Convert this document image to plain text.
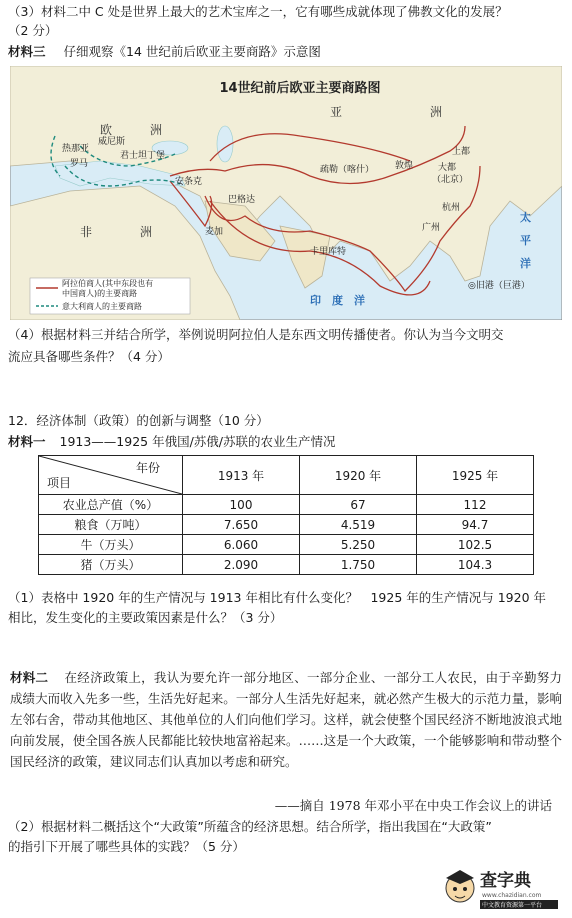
（3）材料二中 C 处是世界上最大的艺术宝库之一，它有哪些成就体现了佛教文化的发展？
（2 分）
材料三 仔细观察《14 世纪前后欧亚主要商路》示意图
14世纪前后欧亚主要商路图
亚	洲
欧	洲
非	洲
印　度　洋
太
平
洋
热那亚
威尼斯
罗马
君士坦丁堡
安条克
巴格达
麦加
疏勒（喀什） 敦煌
上都
大都
（北京）
杭州
广州
卡里库特
◎旧港（巨港）
阿拉伯商人(其中东段也有
中国商人)的主要商路
意大利商人的主要商路
（4）根据材料三并结合所学，举例说明阿拉伯人是东西文明传播使者。你认为当今文明交
流应具备哪些条件？（4 分）
12．经济体制（政策）的创新与调整（10 分）
材料一 1913——1925 年俄国/苏俄/苏联的农业生产情况
年份
项目	1913 年	1920 年	1925 年
农业总产值（%）	100	67	112
粮食（万吨）	7.650	4.519	94.7
牛（万头）	6.060	5.250	102.5
猪（万头）	2.090	1.750	104.3
（1）表格中 1920 年的生产情况与 1913 年相比有什么变化？　1925 年的生产情况与 1920 年
相比，发生变化的主要政策因素是什么？（3 分）
材料二 在经济政策上，我认为要允许一部分地区、一部分企业、一部分工人农民，由于辛勤努力成绩大而收入先多一些，生活先好起来。一部分人生活先好起来，就必然产生极大的示范力量，影响左邻右舍，带动其他地区、其他单位的人们向他们学习。这样，就会使整个国民经济不断地波浪式地向前发展，使全国各族人民都能比较快地富裕起来。……这是一个大政策，一个能够影响和带动整个国民经济的政策，建议同志们认真加以考虑和研究。
——摘自 1978 年邓小平在中央工作会议上的讲话
（2）根据材料二概括这个“大政策”所蕴含的经济思想。结合所学，指出我国在“大政策”
的指引下开展了哪些具体的实践？（5 分）
查字典
www.chazidian.com
中文教育资源第一平台
